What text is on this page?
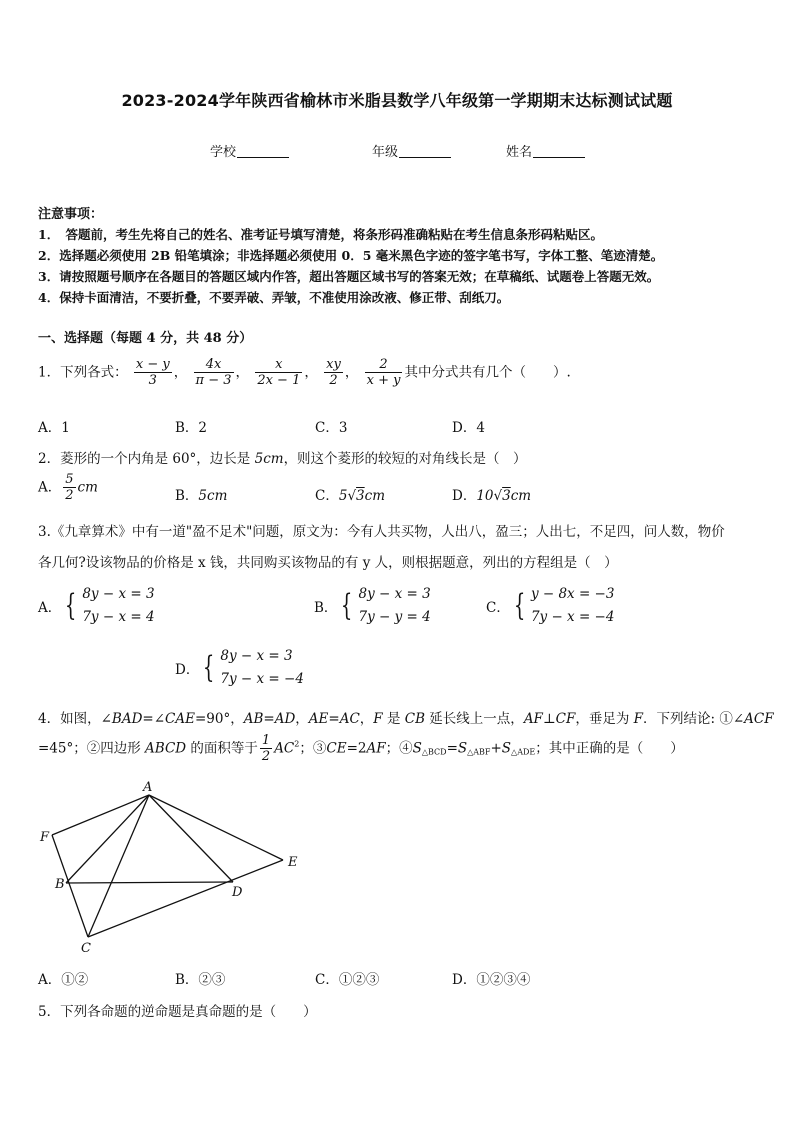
2023-2024学年陕西省榆林市米脂县数学八年级第一学期期末达标测试试题
学校	年级	姓名
注意事项：
1．　答题前，考生先将自己的姓名、准考证号填写清楚，将条形码准确粘贴在考生信息条形码粘贴区。
2．选择题必须使用 2B 铅笔填涂；非选择题必须使用 0．5 毫米黑色字迹的签字笔书写，字体工整、笔迹清楚。
3．请按照题号顺序在各题目的答题区域内作答，超出答题区域书写的答案无效；在草稿纸、试题卷上答题无效。
4．保持卡面清洁，不要折叠，不要弄破、弄皱，不准使用涂改液、修正带、刮纸刀。
一、选择题（每题 4 分，共 48 分）
1．下列各式： $\frac{x - y}{3}$ ， $\frac{4x}{\pi - 3}$ ， $\frac{x}{2x - 1}$ ， $\frac{xy}{2}$ ， $\frac{2}{x + y}$ 其中分式共有几个（　　）.
A．1	B．2	C．3	D．4
2．菱形的一个内角是 60°，边长是 5cm，则这个菱形的较短的对角线长是（　）
A． $\frac{5}{2}$ cm
B．5cm	C．5√3cm	D．10√3cm
3.《九章算术》中有一道"盈不足术"问题，原文为：今有人共买物，人出八，盈三；人出七，不足四，问人数，物价
各几何?设该物品的价格是 x 钱，共同购买该物品的有 y 人，则根据题意，列出的方程组是（　）
A． { 8y − x = 3
7y − x = 4
B． { 8y − x = 3
7y − y = 4
C． { y − 8x = −3
7y − x = −4
D． { 8y − x = 3
7y − x = −4
4．如图，∠BAD=∠CAE=90°，AB=AD，AE=AC，F 是 CB 延长线上一点，AF⊥CF，垂足为 F．下列结论: ①∠ACF
=45°；②四边形 ABCD 的面积等于 $\frac{1}{2} AC^2$；③CE=2AF；$④S_{\triangle BCD}=S_{\triangle ABF}+S_{\triangle ADE}$；其中正确的是（　　）
A
B
C
D
E
F
A．①②	B．②③	C．①②③	D．①②③④
5．下列各命题的逆命题是真命题的是（　　）
